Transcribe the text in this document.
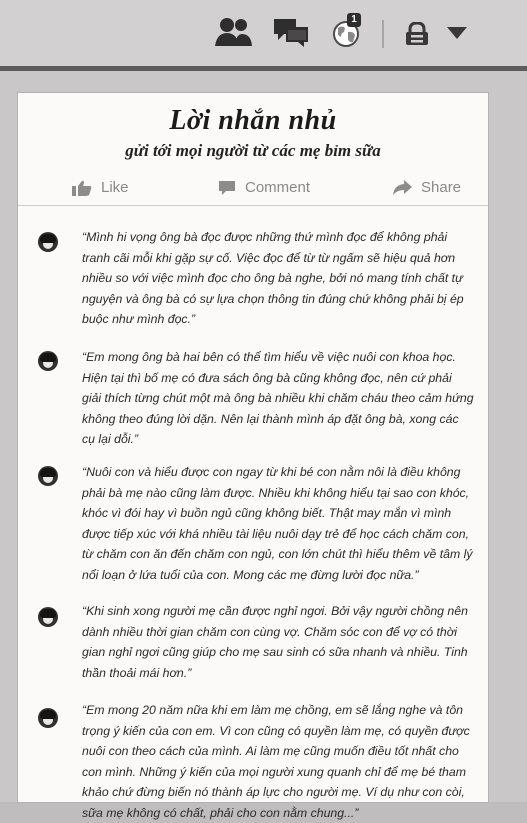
1
Lời nhắn nhủ
gửi tới mọi người từ các mẹ bỉm sữa
Like	Comment	Share
“Mình hi vọng ông bà đọc được những thứ mình đọc để không phải tranh cãi mỗi khi gặp sự cố. Việc đọc để từ từ ngấm sẽ hiệu quả hơn nhiều so với việc mình đọc cho ông bà nghe, bởi nó mang tính chất tự nguyện và ông bà có sự lựa chọn thông tin đúng chứ không phải bị ép buộc như mình đọc.”
“Em mong ông bà hai bên có thể tìm hiểu về việc nuôi con khoa học. Hiện tại thì bố mẹ có đưa sách ông bà cũng không đọc, nên cứ phải giải thích từng chút một mà ông bà nhiều khi chăm cháu theo cảm hứng không theo đúng lời dặn. Nên lại thành mình áp đặt ông bà, xong các cụ lại dỗi.”
“Nuôi con và hiểu được con ngay từ khi bé con nằm nôi là điều không phải bà mẹ nào cũng làm được. Nhiều khi không hiểu tại sao con khóc, khóc vì đói hay vì buồn ngủ cũng không biết. Thật may mắn vì mình được tiếp xúc với khá nhiều tài liệu nuôi dạy trẻ để học cách chăm con, từ chăm con ăn đến chăm con ngủ, con lớn chút thì hiểu thêm về tâm lý nổi loạn ở lứa tuổi của con. Mong các mẹ đừng lười đọc nữa.”
“Khi sinh xong người mẹ cần được nghỉ ngơi. Bởi vậy người chồng nên dành nhiều thời gian chăm con cùng vợ. Chăm sóc con để vợ có thời gian nghỉ ngơi cũng giúp cho mẹ sau sinh có sữa nhanh và nhiều. Tinh thần thoải mái hơn.”
“Em mong 20 năm nữa khi em làm mẹ chồng, em sẽ lắng nghe và tôn trọng ý kiến của con em. Vì con cũng có quyền làm mẹ, có quyền được nuôi con theo cách của mình. Ai làm mẹ cũng muốn điều tốt nhất cho con mình. Những ý kiến của mọi người xung quanh chỉ để mẹ bé tham khảo chứ đừng biến nó thành áp lực cho người mẹ. Ví dụ như con còi, sữa mẹ không có chất, phải cho con nằm chung...”
